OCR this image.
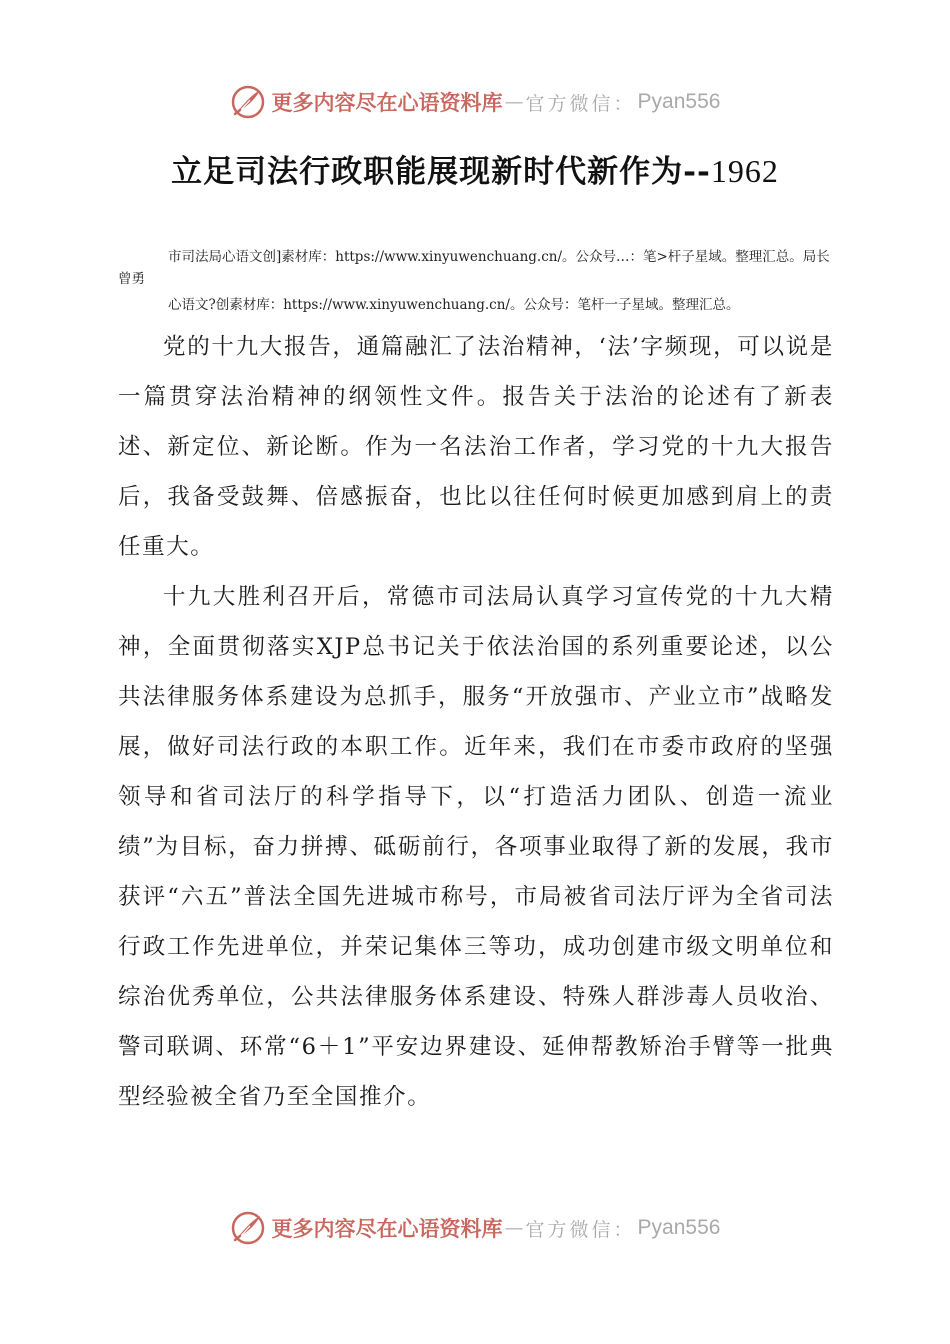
更多内容尽在心语资料库 — 官方微信： Pyan556
立足司法行政职能展现新时代新作为--1962
市司法局心语文创]素材库：https://www.xinyuwenchuang.cn/。公众号…：笔>杆子星域。整理汇总。局长曾勇
心语文?创素材库：https://www.xinyuwenchuang.cn/。公众号：笔杆一子星域。整理汇总。

党的十九大报告，通篇融汇了法治精神，‘法’字频现，可以说是一篇贯穿法治精神的纲领性文件。报告关于法治的论述有了新表述、新定位、新论断。作为一名法治工作者，学习党的十九大报告后，我备受鼓舞、倍感振奋，也比以往任何时候更加感到肩上的责任重大。

十九大胜利召开后，常德市司法局认真学习宣传党的十九大精神，全面贯彻落实XJP总书记关于依法治国的系列重要论述，以公共法律服务体系建设为总抓手，服务“开放强市、产业立市”战略发展，做好司法行政的本职工作。近年来，我们在市委市政府的坚强领导和省司法厅的科学指导下，以“打造活力团队、创造一流业绩”为目标，奋力拼搏、砥砺前行，各项事业取得了新的发展，我市获评“六五”普法全国先进城市称号，市局被省司法厅评为全省司法行政工作先进单位，并荣记集体三等功，成功创建市级文明单位和综治优秀单位，公共法律服务体系建设、特殊人群涉毒人员收治、警司联调、环常“6＋1”平安边界建设、延伸帮教矫治手臂等一批典型经验被全省乃至全国推介。

更多内容尽在心语资料库 — 官方微信： Pyan556
